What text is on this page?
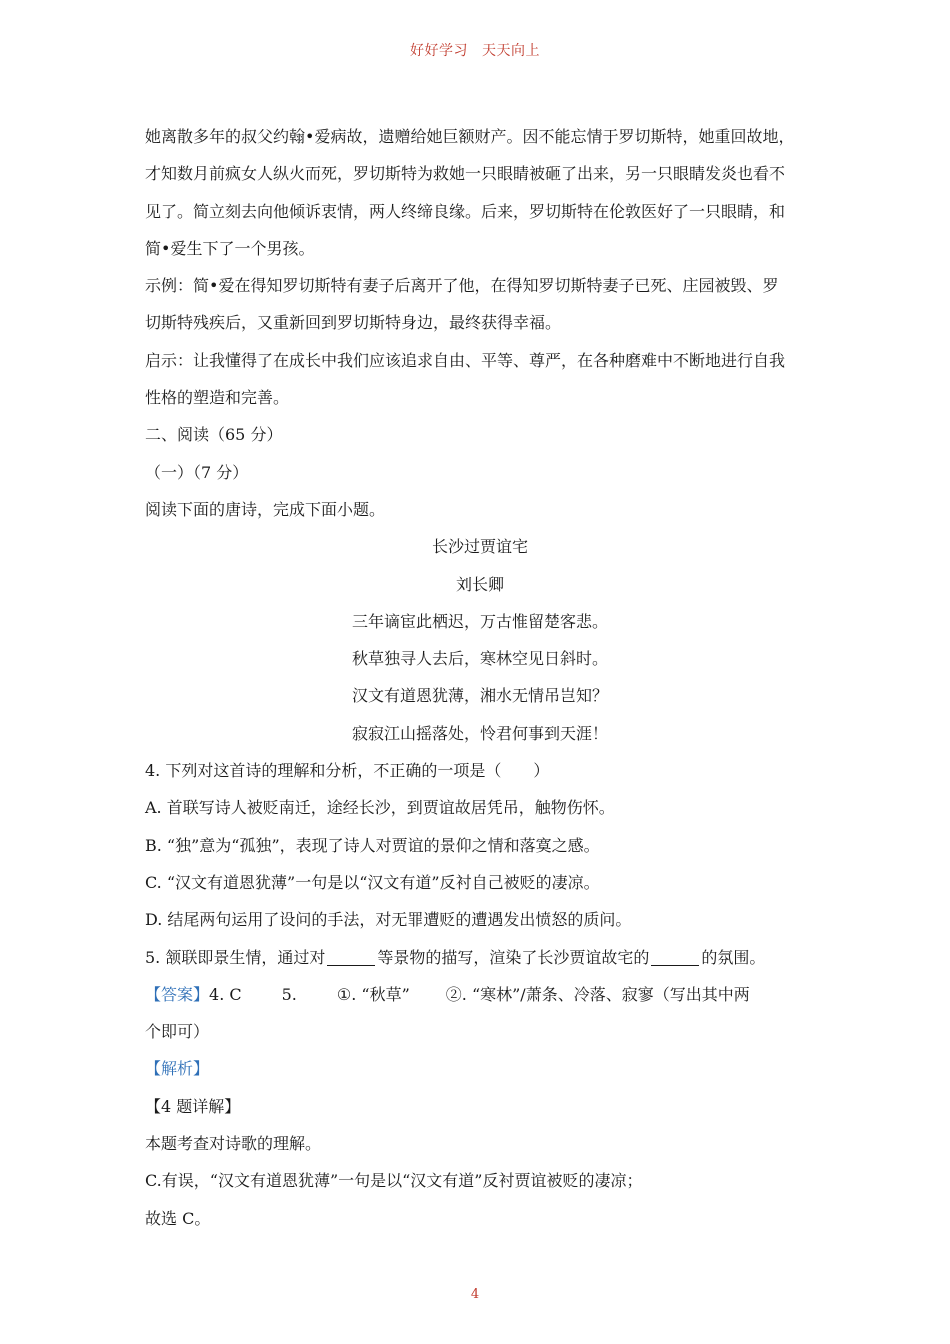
好好学习 天天向上
她离散多年的叔父约翰•爱病故，遗赠给她巨额财产。因不能忘情于罗切斯特，她重回故地，
才知数月前疯女人纵火而死，罗切斯特为救她一只眼睛被砸了出来，另一只眼睛发炎也看不
见了。简立刻去向他倾诉衷情，两人终缔良缘。后来，罗切斯特在伦敦医好了一只眼睛，和
简•爱生下了一个男孩。
示例：简•爱在得知罗切斯特有妻子后离开了他，在得知罗切斯特妻子已死、庄园被毁、罗
切斯特残疾后，又重新回到罗切斯特身边，最终获得幸福。
启示：让我懂得了在成长中我们应该追求自由、平等、尊严，在各种磨难中不断地进行自我
性格的塑造和完善。
二、阅读（65 分）
（一）（7 分）
阅读下面的唐诗，完成下面小题。
长沙过贾谊宅
刘长卿
三年谪宦此栖迟，万古惟留楚客悲。
秋草独寻人去后，寒林空见日斜时。
汉文有道恩犹薄，湘水无情吊岂知？
寂寂江山摇落处，怜君何事到天涯！
4. 下列对这首诗的理解和分析，不正确的一项是（　　）
A. 首联写诗人被贬南迁，途经长沙，到贾谊故居凭吊，触物伤怀。
B. “独”意为“孤独”，表现了诗人对贾谊的景仰之情和落寞之感。
C. “汉文有道恩犹薄”一句是以“汉文有道”反衬自己被贬的凄凉。
D. 结尾两句运用了设问的手法，对无罪遭贬的遭遇发出愤怒的质问。
5. 颔联即景生情，通过对	等景物的描写，渲染了长沙贾谊故宅的	的氛围。
【答案】4. C	5.	①. “秋草” ②. “寒林”/萧条、冷落、寂寥（写出其中两
个即可）
【解析】
【4 题详解】
本题考查对诗歌的理解。
C.有误，“汉文有道恩犹薄”一句是以“汉文有道”反衬贾谊被贬的凄凉；
故选 C。
4
